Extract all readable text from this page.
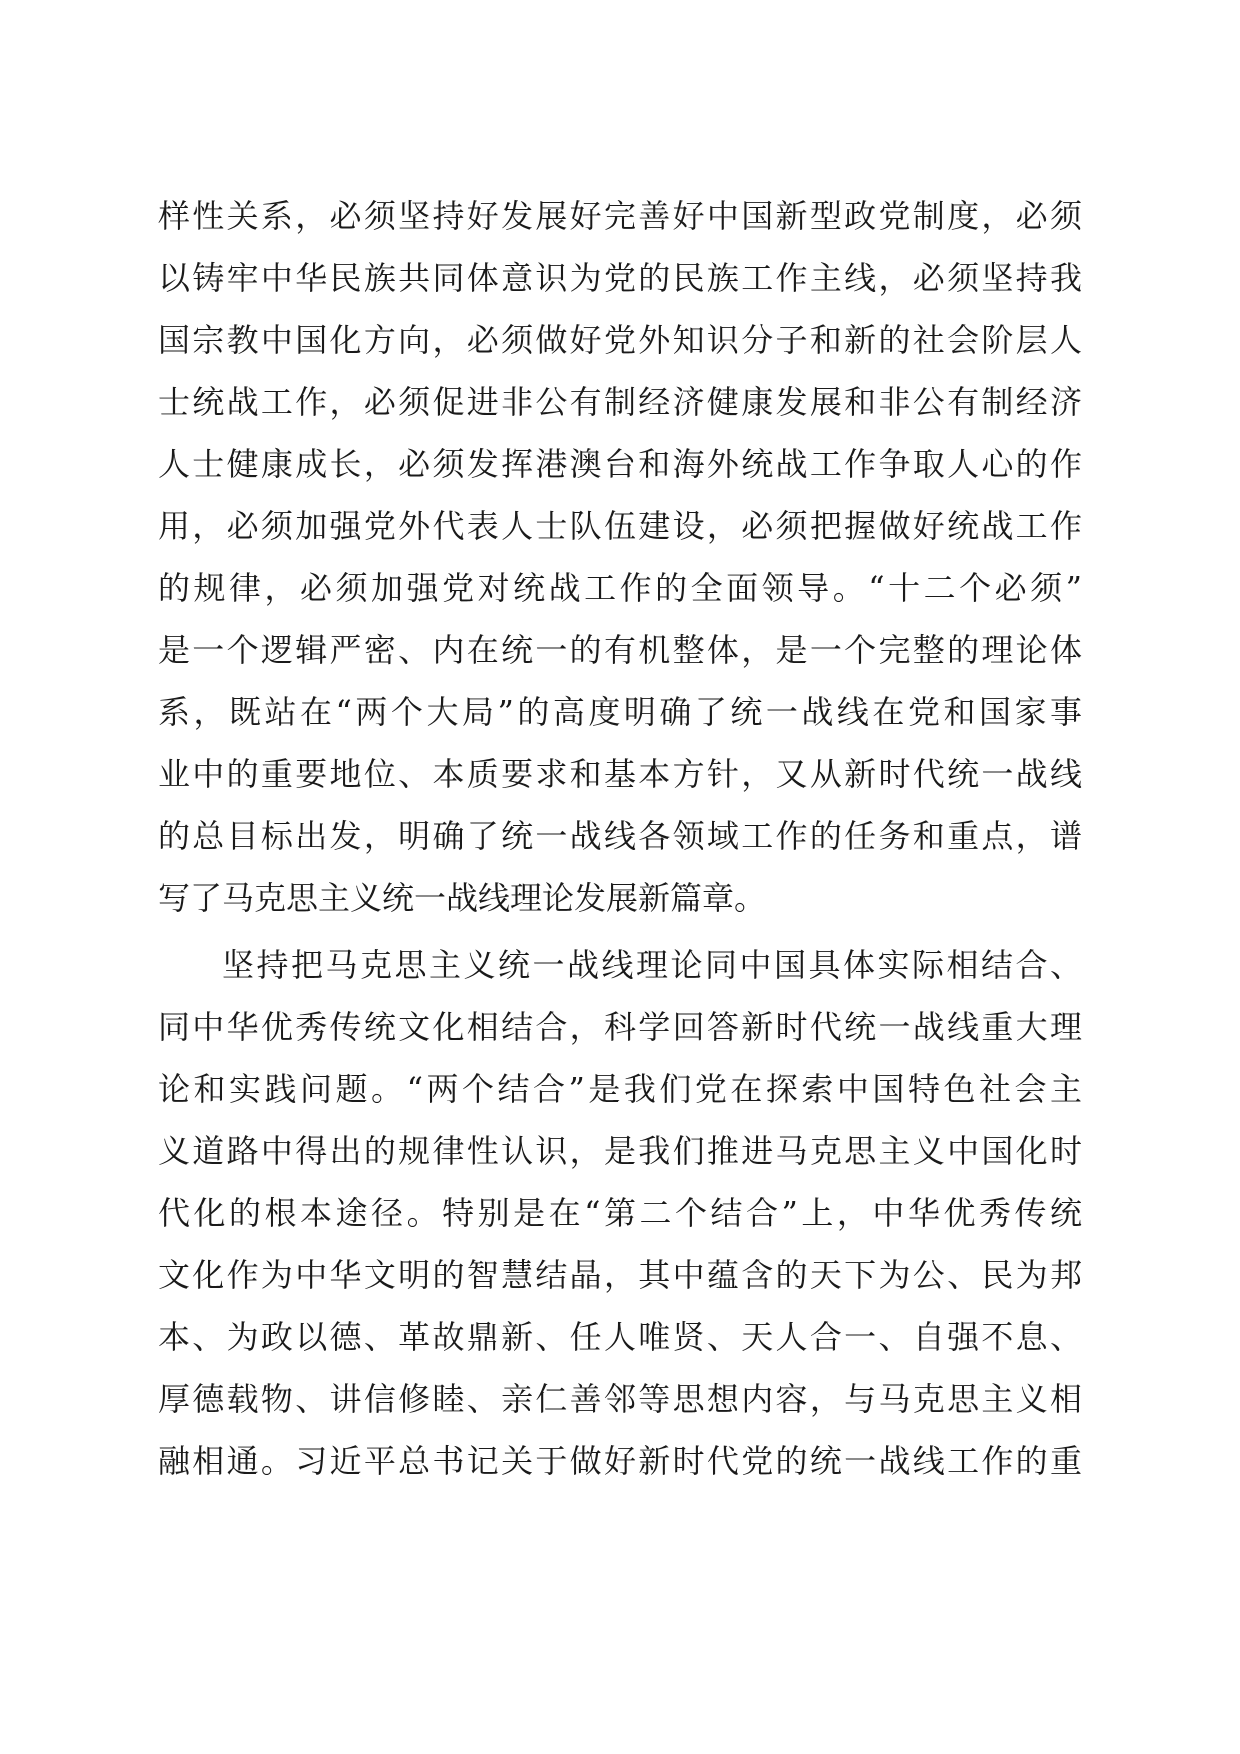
样性关系，必须坚持好发展好完善好中国新型政党制度，必须
以铸牢中华民族共同体意识为党的民族工作主线，必须坚持我
国宗教中国化方向，必须做好党外知识分子和新的社会阶层人
士统战工作，必须促进非公有制经济健康发展和非公有制经济
人士健康成长，必须发挥港澳台和海外统战工作争取人心的作
用，必须加强党外代表人士队伍建设，必须把握做好统战工作
的规律，必须加强党对统战工作的全面领导。“十二个必须”
是一个逻辑严密、内在统一的有机整体，是一个完整的理论体
系，既站在“两个大局”的高度明确了统一战线在党和国家事
业中的重要地位、本质要求和基本方针，又从新时代统一战线
的总目标出发，明确了统一战线各领域工作的任务和重点，谱
写了马克思主义统一战线理论发展新篇章。
坚持把马克思主义统一战线理论同中国具体实际相结合、
同中华优秀传统文化相结合，科学回答新时代统一战线重大理
论和实践问题。“两个结合”是我们党在探索中国特色社会主
义道路中得出的规律性认识，是我们推进马克思主义中国化时
代化的根本途径。特别是在“第二个结合”上，中华优秀传统
文化作为中华文明的智慧结晶，其中蕴含的天下为公、民为邦
本、为政以德、革故鼎新、任人唯贤、天人合一、自强不息、
厚德载物、讲信修睦、亲仁善邻等思想内容，与马克思主义相
融相通。习近平总书记关于做好新时代党的统一战线工作的重
